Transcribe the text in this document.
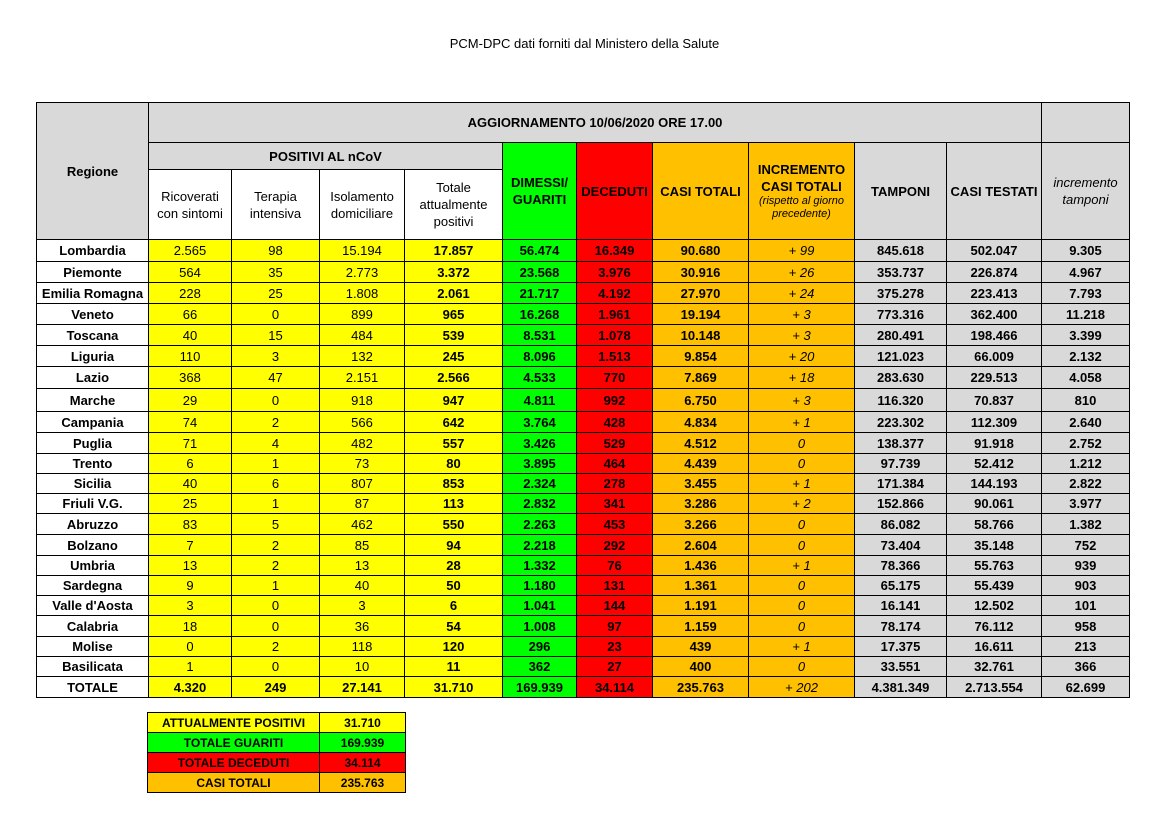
PCM-DPC dati forniti dal Ministero della Salute
Regione	AGGIORNAMENTO 10/06/2020 ORE 17.00										
	POSITIVI AL nCoV				DIMESSI/ GUARITI	DECEDUTI	CASI TOTALI	INCREMENTO CASI TOTALI
(rispetto al giorno precedente)	TAMPONI	CASI TESTATI	incremento tamponi
	Ricoverati con sintomi	Terapia intensiva	Isolamento domiciliare	Totale attualmente positivi							
Lombardia	2.565	98	15.194	17.857	56.474	16.349	90.680	+ 99	845.618	502.047	9.305
Piemonte	564	35	2.773	3.372	23.568	3.976	30.916	+ 26	353.737	226.874	4.967
Emilia Romagna	228	25	1.808	2.061	21.717	4.192	27.970	+ 24	375.278	223.413	7.793
Veneto	66	0	899	965	16.268	1.961	19.194	+ 3	773.316	362.400	11.218
Toscana	40	15	484	539	8.531	1.078	10.148	+ 3	280.491	198.466	3.399
Liguria	110	3	132	245	8.096	1.513	9.854	+ 20	121.023	66.009	2.132
Lazio	368	47	2.151	2.566	4.533	770	7.869	+ 18	283.630	229.513	4.058
Marche	29	0	918	947	4.811	992	6.750	+ 3	116.320	70.837	810
Campania	74	2	566	642	3.764	428	4.834	+ 1	223.302	112.309	2.640
Puglia	71	4	482	557	3.426	529	4.512	0	138.377	91.918	2.752
Trento	6	1	73	80	3.895	464	4.439	0	97.739	52.412	1.212
Sicilia	40	6	807	853	2.324	278	3.455	+ 1	171.384	144.193	2.822
Friuli V.G.	25	1	87	113	2.832	341	3.286	+ 2	152.866	90.061	3.977
Abruzzo	83	5	462	550	2.263	453	3.266	0	86.082	58.766	1.382
Bolzano	7	2	85	94	2.218	292	2.604	0	73.404	35.148	752
Umbria	13	2	13	28	1.332	76	1.436	+ 1	78.366	55.763	939
Sardegna	9	1	40	50	1.180	131	1.361	0	65.175	55.439	903
Valle d'Aosta	3	0	3	6	1.041	144	1.191	0	16.141	12.502	101
Calabria	18	0	36	54	1.008	97	1.159	0	78.174	76.112	958
Molise	0	2	118	120	296	23	439	+ 1	17.375	16.611	213
Basilicata	1	0	10	11	362	27	400	0	33.551	32.761	366
TOTALE	4.320	249	27.141	31.710	169.939	34.114	235.763	+ 202	4.381.349	2.713.554	62.699
ATTUALMENTE POSITIVI	31.710
TOTALE GUARITI	169.939
TOTALE DECEDUTI	34.114
CASI TOTALI	235.763
